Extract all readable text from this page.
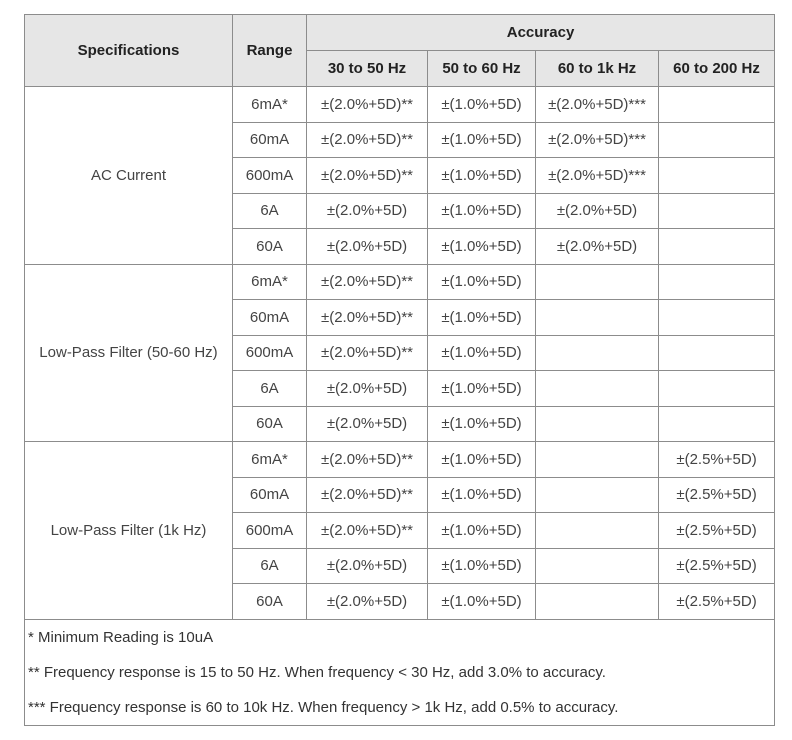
Specifications	Range	Accuracy			
		30 to 50 Hz	50 to 60 Hz	60 to 1k Hz	60 to 200 Hz
AC Current	6mA*	±(2.0%+5D)**	±(1.0%+5D)	±(2.0%+5D)***	
	60mA	±(2.0%+5D)**	±(1.0%+5D)	±(2.0%+5D)***	
	600mA	±(2.0%+5D)**	±(1.0%+5D)	±(2.0%+5D)***	
	6A	±(2.0%+5D)	±(1.0%+5D)	±(2.0%+5D)	
	60A	±(2.0%+5D)	±(1.0%+5D)	±(2.0%+5D)	
Low-Pass Filter (50-60 Hz)	6mA*	±(2.0%+5D)**	±(1.0%+5D)		
	60mA	±(2.0%+5D)**	±(1.0%+5D)		
	600mA	±(2.0%+5D)**	±(1.0%+5D)		
	6A	±(2.0%+5D)	±(1.0%+5D)		
	60A	±(2.0%+5D)	±(1.0%+5D)		
Low-Pass Filter (1k Hz)	6mA*	±(2.0%+5D)**	±(1.0%+5D)		±(2.5%+5D)
	60mA	±(2.0%+5D)**	±(1.0%+5D)		±(2.5%+5D)
	600mA	±(2.0%+5D)**	±(1.0%+5D)		±(2.5%+5D)
	6A	±(2.0%+5D)	±(1.0%+5D)		±(2.5%+5D)
	60A	±(2.0%+5D)	±(1.0%+5D)		±(2.5%+5D)

* Minimum Reading is 10uA
** Frequency response is 15 to 50 Hz. When frequency < 30 Hz, add 3.0% to accuracy.
*** Frequency response is 60 to 10k Hz. When frequency > 1k Hz, add 0.5% to accuracy.					
